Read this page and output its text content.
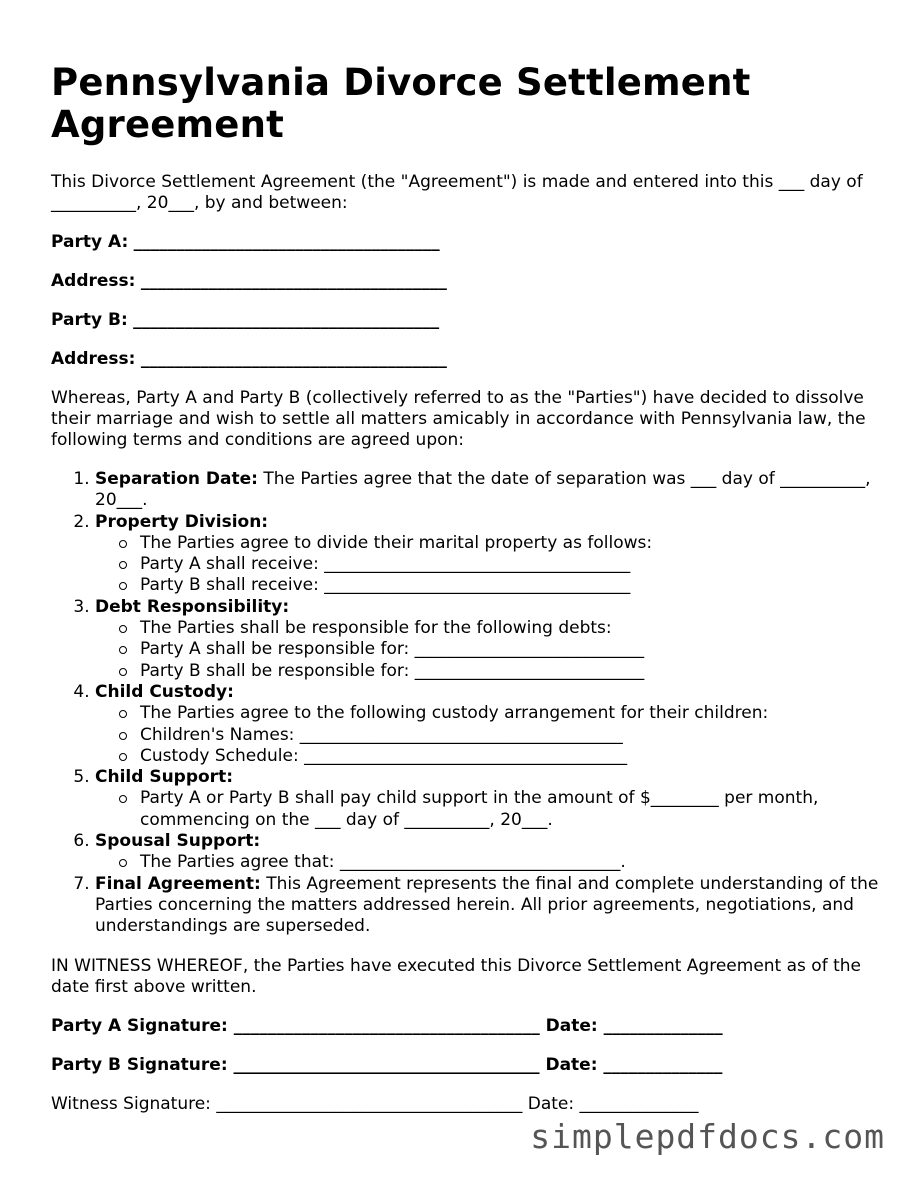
Pennsylvania Divorce Settlement Agreement

This Divorce Settlement Agreement (the "Agreement") is made and entered into this ___ day of __________, 20___, by and between:

Party A: ____________________________________

Address: ____________________________________

Party B: ____________________________________

Address: ____________________________________

Whereas, Party A and Party B (collectively referred to as the "Parties") have decided to dissolve their marriage and wish to settle all matters amicably in accordance with Pennsylvania law, the following terms and conditions are agreed upon:

1. Separation Date: The Parties agree that the date of separation was ___ day of __________, 20___.
2. Property Division:
The Parties agree to divide their marital property as follows:
Party A shall receive: ____________________________________
Party B shall receive: ____________________________________
3. Debt Responsibility:
The Parties shall be responsible for the following debts:
Party A shall be responsible for: ___________________________
Party B shall be responsible for: ___________________________
4. Child Custody:
The Parties agree to the following custody arrangement for their children:
Children's Names: ______________________________________
Custody Schedule: ______________________________________
5. Child Support:
Party A or Party B shall pay child support in the amount of $________ per month, commencing on the ___ day of __________, 20___.
6. Spousal Support:
The Parties agree that: _________________________________.
7. Final Agreement: This Agreement represents the final and complete understanding of the Parties concerning the matters addressed herein. All prior agreements, negotiations, and understandings are superseded.

IN WITNESS WHEREOF, the Parties have executed this Divorce Settlement Agreement as of the date first above written.

Party A Signature: ____________________________________ Date: ______________

Party B Signature: ____________________________________ Date: ______________

Witness Signature: ____________________________________ Date: ______________

simplepdfdocs.com
